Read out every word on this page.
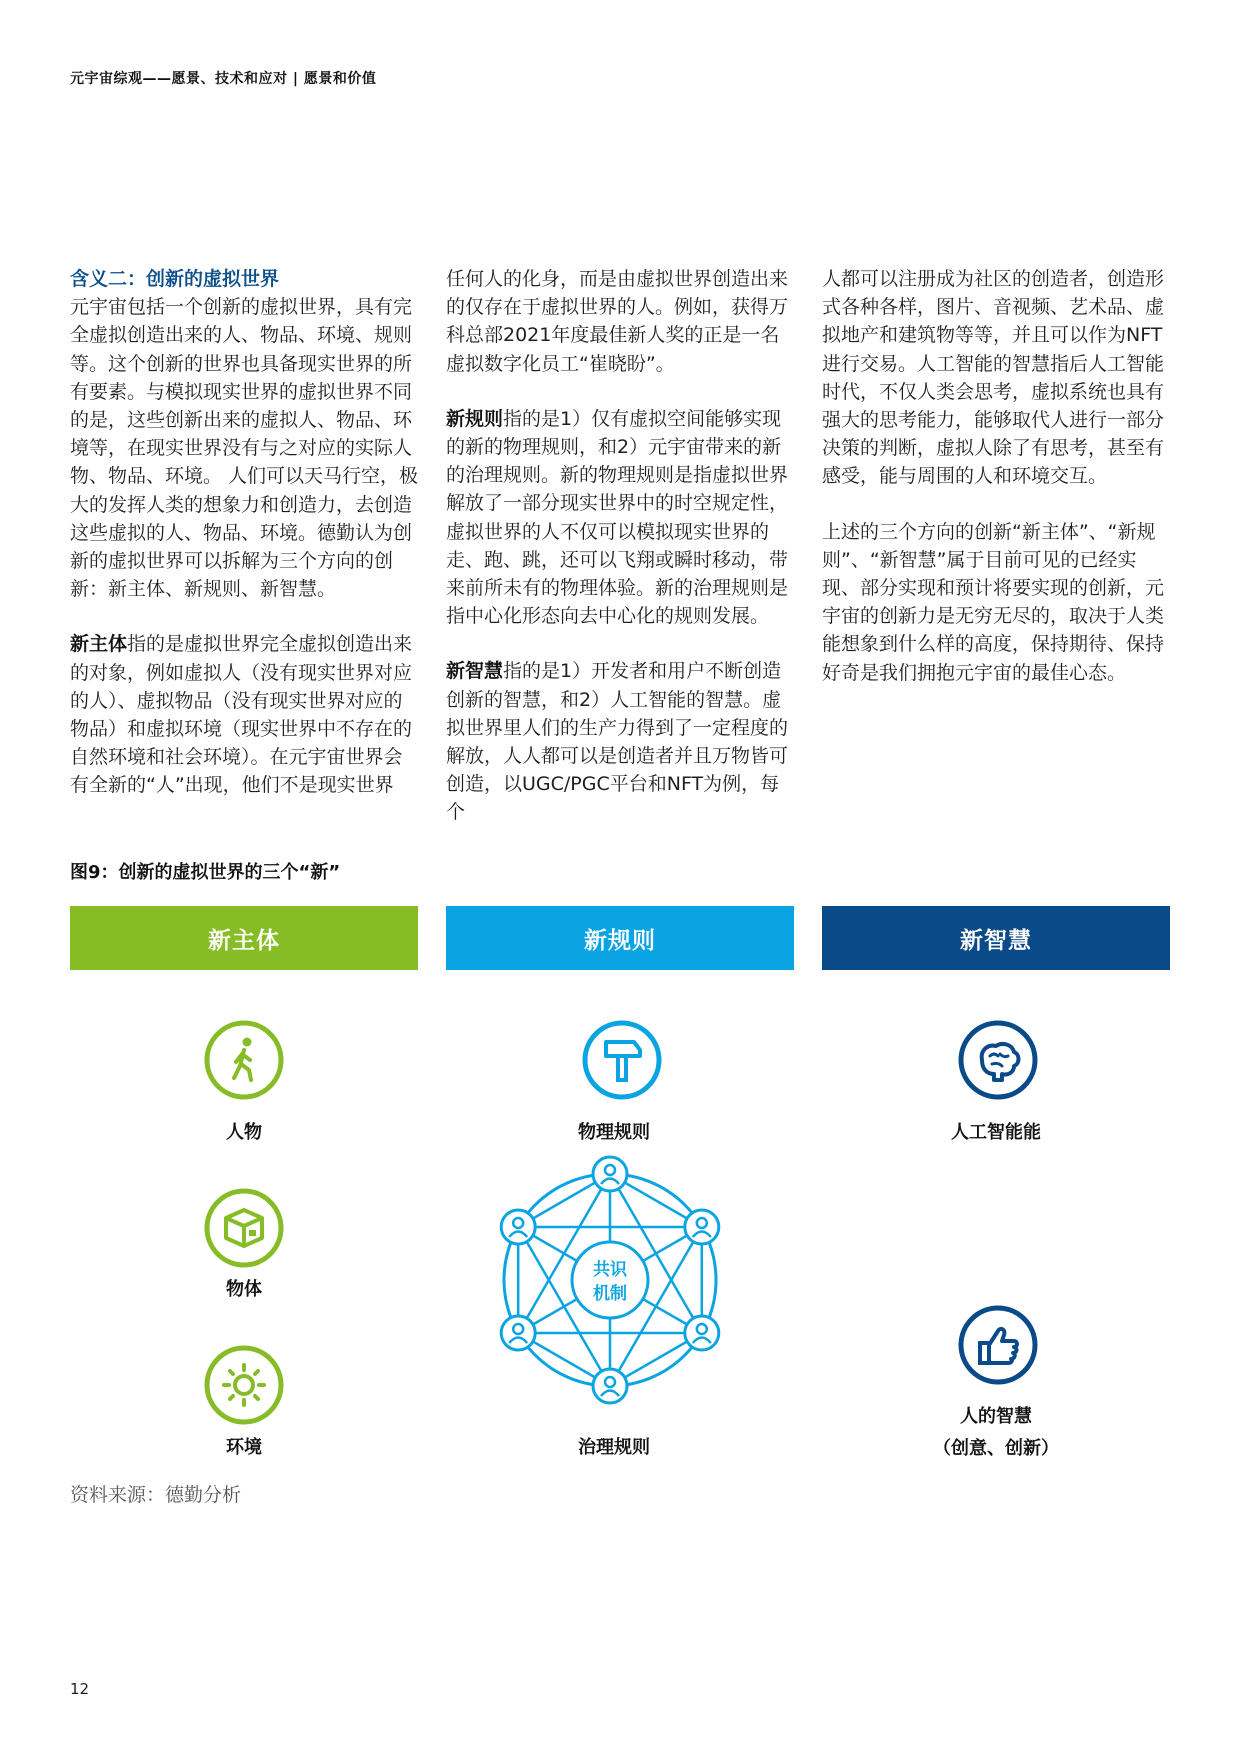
元宇宙综观——愿景、技术和应对 | 愿景和价值

含义二：创新的虚拟世界
元宇宙包括一个创新的虚拟世界，具有完全虚拟创造出来的人、物品、环境、规则等。这个创新的世界也具备现实世界的所有要素。与模拟现实世界的虚拟世界不同的是，这些创新出来的虚拟人、物品、环境等，在现实世界没有与之对应的实际人物、物品、环境。 人们可以天马行空，极大的发挥人类的想象力和创造力，去创造这些虚拟的人、物品、环境。德勤认为创新的虚拟世界可以拆解为三个方向的创新：新主体、新规则、新智慧。

新主体指的是虚拟世界完全虚拟创造出来的对象，例如虚拟人（没有现实世界对应的人）、虚拟物品（没有现实世界对应的物品）和虚拟环境（现实世界中不存在的自然环境和社会环境）。在元宇宙世界会有全新的“人”出现，他们不是现实世界

任何人的化身，而是由虚拟世界创造出来的仅存在于虚拟世界的人。例如，获得万科总部2021年度最佳新人奖的正是一名虚拟数字化员工“崔晓盼”。

新规则指的是1）仅有虚拟空间能够实现的新的物理规则，和2）元宇宙带来的新的治理规则。新的物理规则是指虚拟世界解放了一部分现实世界中的时空规定性，虚拟世界的人不仅可以模拟现实世界的走、跑、跳，还可以飞翔或瞬时移动，带来前所未有的物理体验。新的治理规则是指中心化形态向去中心化的规则发展。

新智慧指的是1）开发者和用户不断创造创新的智慧，和2）人工智能的智慧。虚拟世界里人们的生产力得到了一定程度的解放，人人都可以是创造者并且万物皆可创造，以UGC/PGC平台和NFT为例，每个

人都可以注册成为社区的创造者，创造形式各种各样，图片、音视频、艺术品、虚拟地产和建筑物等等，并且可以作为NFT进行交易。人工智能的智慧指后人工智能时代，不仅人类会思考，虚拟系统也具有强大的思考能力，能够取代人进行一部分决策的判断，虚拟人除了有思考，甚至有感受，能与周围的人和环境交互。

上述的三个方向的创新“新主体”、“新规则”、“新智慧”属于目前可见的已经实现、部分实现和预计将要实现的创新，元宇宙的创新力是无穷无尽的，取决于人类能想象到什么样的高度，保持期待、保持好奇是我们拥抱元宇宙的最佳心态。

图9：创新的虚拟世界的三个“新”
新主体	新规则	新智慧
人物
物体
环境
物理规则
共识
机制
治理规则
人工智能能
人的智慧
（创意、创新）
资料来源：德勤分析
12
